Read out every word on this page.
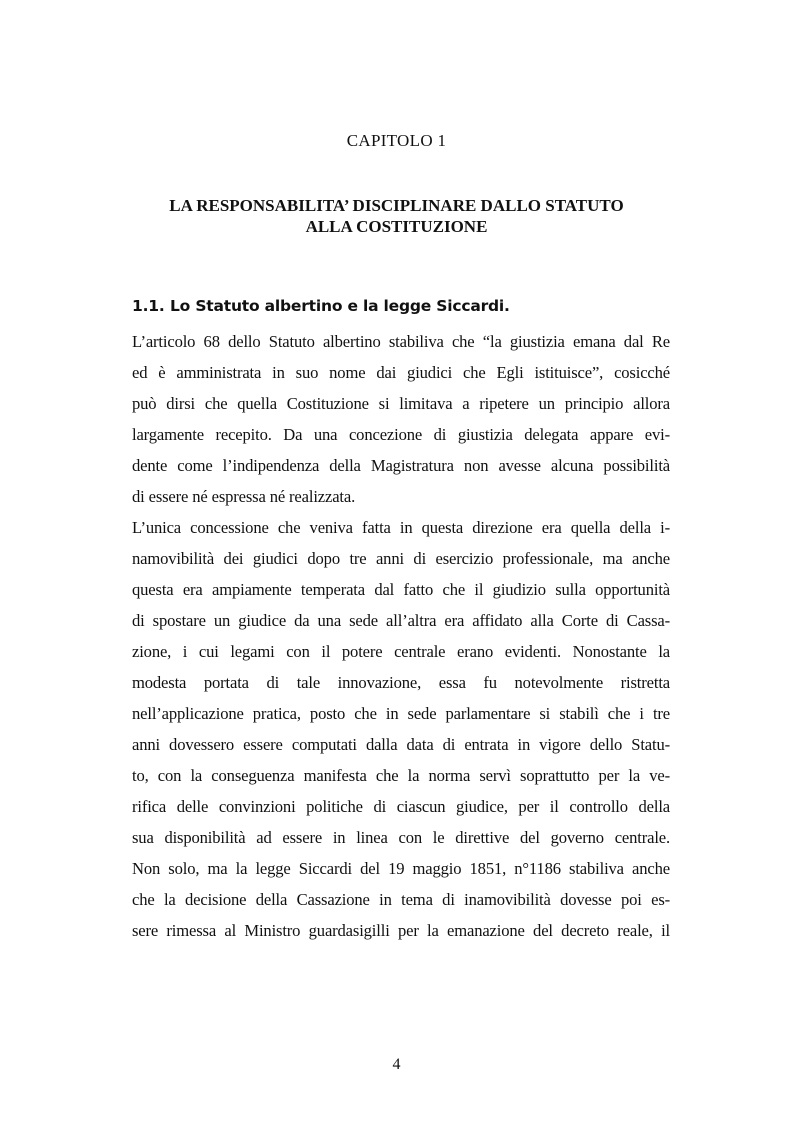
CAPITOLO 1
LA RESPONSABILITA’ DISCIPLINARE DALLO STATUTO
ALLA COSTITUZIONE
1.1. Lo Statuto albertino e la legge Siccardi.
L’articolo 68 dello Statuto albertino stabiliva che “la giustizia emana dal Re
ed è amministrata in suo nome dai giudici che Egli istituisce”, cosicché
può dirsi che quella Costituzione si limitava a ripetere un principio allora
largamente recepito. Da una concezione di giustizia delegata appare evi-
dente come l’indipendenza della Magistratura non avesse alcuna possibilità
di essere né espressa né realizzata.
L’unica concessione che veniva fatta in questa direzione era quella della i-
namovibilità dei giudici dopo tre anni di esercizio professionale, ma anche
questa era ampiamente temperata dal fatto che il giudizio sulla opportunità
di spostare un giudice da una sede all’altra era affidato alla Corte di Cassa-
zione, i cui legami con il potere centrale erano evidenti. Nonostante la
modesta portata di tale innovazione, essa fu notevolmente ristretta
nell’applicazione pratica, posto che in sede parlamentare si stabilì che i tre
anni dovessero essere computati dalla data di entrata in vigore dello Statu-
to, con la conseguenza manifesta che la norma servì soprattutto per la ve-
rifica delle convinzioni politiche di ciascun giudice, per il controllo della
sua disponibilità ad essere in linea con le direttive del governo centrale.
Non solo, ma la legge Siccardi del 19 maggio 1851, n°1186 stabiliva anche
che la decisione della Cassazione in tema di inamovibilità dovesse poi es-
sere rimessa al Ministro guardasigilli per la emanazione del decreto reale, il
4
